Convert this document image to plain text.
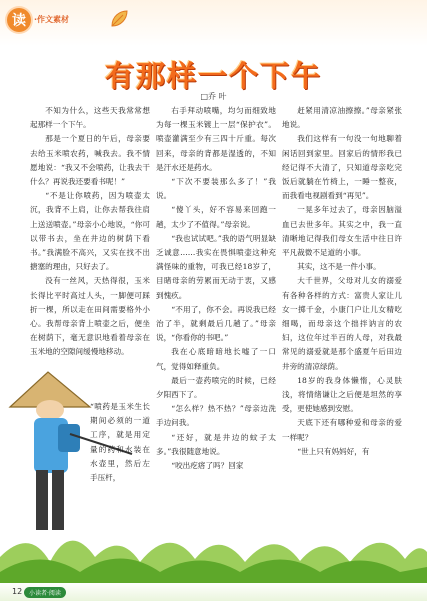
读	·作文素材
有那样一个下午
□乔 叶

不知为什么，这些天我常常想起那样一个下午。

那是一个夏日的午后，母亲要去给玉米喷农药，喊我去。我不情愿地说：“我又不会喷药，让我去干什么？再说我还要看书呢！”

“不是让你喷药，因为喷壶太沉，我背不上肩，让你去帮我往肩上送送喷壶。”母亲小心地说，“你可以带书去，坐在井边的树荫下看书。”我满脸不高兴，又实在找不出搪塞的理由，只好去了。

没有一丝风，天热得很，玉米长得比平时高过人头，一脚便可踩折一棵，所以走在田间需要格外小心。我帮母亲背上喷壶之后，便坐在树荫下，毫无意识地看着母亲在玉米地的空隙间缓慢地移动。

右手拜动喷嘴，均匀而细致地为每一棵玉米镀上一层“保护衣”。喷壶灌满至少有三四十斤重。每次回来，母亲的背都是湿透的，不知是汗水还是药水。

“下次不要装那么多了！”我说。

“傻丫头，好不容易来回跑一趟，太少了不值得。”母亲说。

“我也试试吧。”我的语气明显缺乏诚意……我实在畏惧喷壶这种充满怪味的重物，可我已经18岁了，目睹母亲的劳累而无动于衷，又感到愧疚。

“不用了，你不会。再说我已经治了半，就剩最后几趟了。”母亲说，“你看你的书吧。”

我在心底暗暗地长嘘了一口气，觉得如释重负。

最后一壶药喷完的时候，已经夕阳西下了。

“怎么样？热不热？”母亲边洗手边问我。

“还好，就是井边的蚊子太多。”我很随意地说。

“咬出疙瘩了吗？回家

赶紧用清凉油擦擦。”母亲紧张地说。

我们这样有一句没一句地聊着闲话回到家里。回家后的情形我已经记得不大清了，只知道母亲吃完饭后就躺在竹椅上，一睡一整夜，而我看电视剧看到“再见”。

一晃多年过去了，母亲因脑溢血已去世多年。其实之中，我一直清晰地记得我们母女生活中往日许平凡裁微不足道的小事。

其实，这不是一件小事。

大千世界，父母对儿女的溺爱有各种各样的方式：富贵人家让儿女一掷千金，小康门户让儿女精吃细喝，而母亲这个拙拌讷言的农妇，这位年过半百的人母，对我最常见的溺爱就是那个盛夏午后田边井旁的清凉绿荫。

18岁的我身体懒惰，心灵肤浅，将情绪谦让之后便是坦然的享受，更使她感到安慰。

天底下还有哪种爱和母亲的爱一样呢？

“世上只有妈妈好，有

“喷药是玉米生长期间必须的一道工序，就是用定量的药和水装在水壶里，然后左手压杆，

12	小读者·阅读
